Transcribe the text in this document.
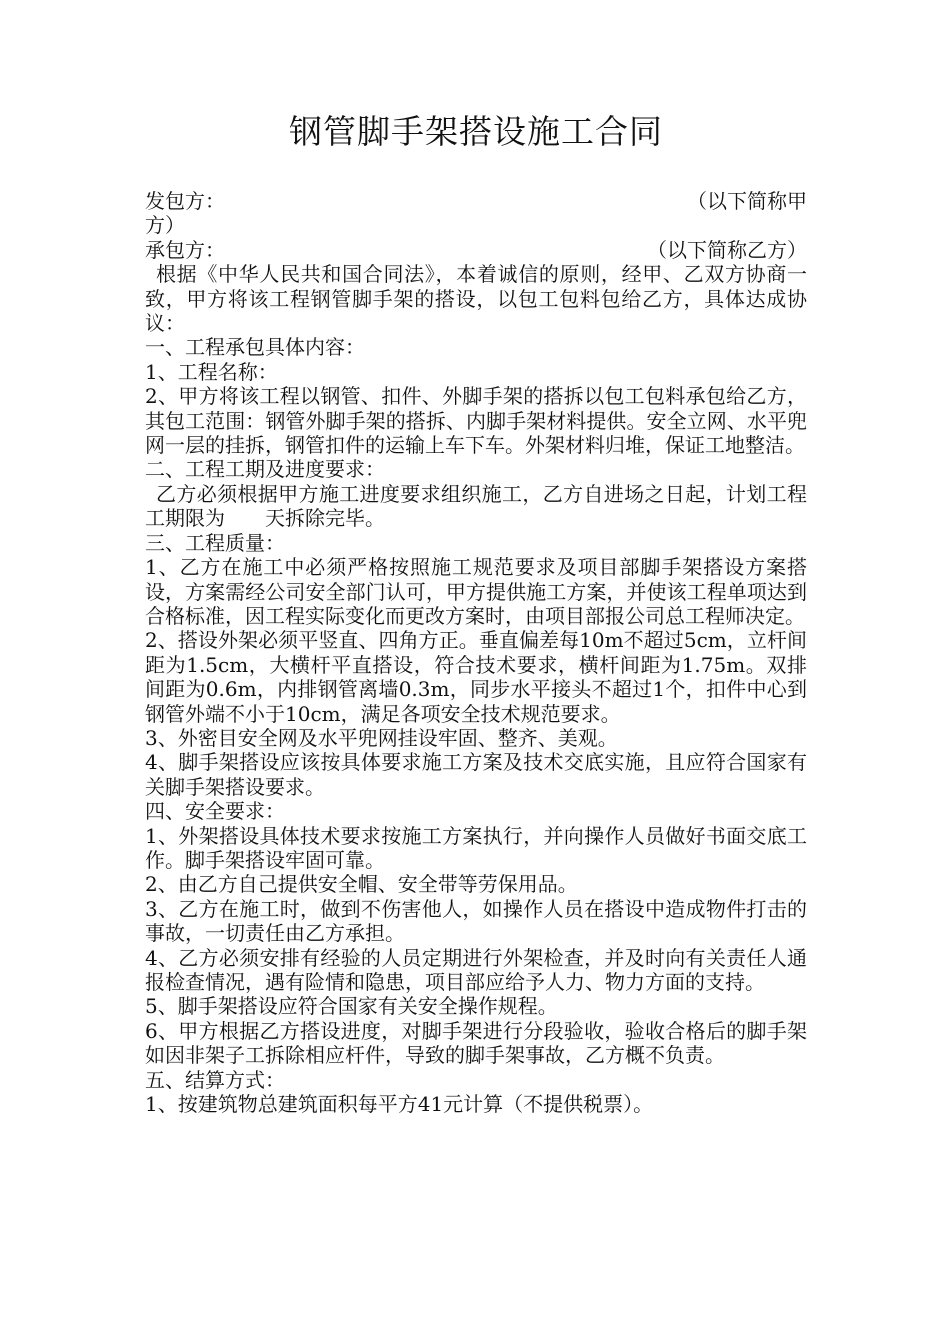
钢管脚手架搭设施工合同
发包方：	（以下简称甲
方）
承包方：	（以下简称乙方）
根据《中华人民共和国合同法》，本着诚信的原则，经甲、乙双方协商一致，甲方将该工程钢管脚手架的搭设，以包工包料包给乙方，具体达成协议：
一、工程承包具体内容：
1、工程名称：
2、甲方将该工程以钢管、扣件、外脚手架的搭拆以包工包料承包给乙方，其包工范围：钢管外脚手架的搭拆、内脚手架材料提供。安全立网、水平兜网一层的挂拆，钢管扣件的运输上车下车。外架材料归堆，保证工地整洁。
二、工程工期及进度要求：
乙方必须根据甲方施工进度要求组织施工，乙方自进场之日起，计划工程工期限为　　天拆除完毕。
三、工程质量：
1、乙方在施工中必须严格按照施工规范要求及项目部脚手架搭设方案搭设，方案需经公司安全部门认可，甲方提供施工方案，并使该工程单项达到合格标准，因工程实际变化而更改方案时，由项目部报公司总工程师决定。
2、搭设外架必须平竖直、四角方正。垂直偏差每10m不超过5cm，立杆间距为1.5cm，大横杆平直搭设，符合技术要求，横杆间距为1.75m。双排间距为0.6m，内排钢管离墙0.3m，同步水平接头不超过1个，扣件中心到钢管外端不小于10cm，满足各项安全技术规范要求。
3、外密目安全网及水平兜网挂设牢固、整齐、美观。
4、脚手架搭设应该按具体要求施工方案及技术交底实施，且应符合国家有关脚手架搭设要求。
四、安全要求：
1、外架搭设具体技术要求按施工方案执行，并向操作人员做好书面交底工作。脚手架搭设牢固可靠。
2、由乙方自己提供安全帽、安全带等劳保用品。
3、乙方在施工时，做到不伤害他人，如操作人员在搭设中造成物件打击的事故，一切责任由乙方承担。
4、乙方必须安排有经验的人员定期进行外架检查，并及时向有关责任人通报检查情况，遇有险情和隐患，项目部应给予人力、物力方面的支持。
5、脚手架搭设应符合国家有关安全操作规程。
6、甲方根据乙方搭设进度，对脚手架进行分段验收，验收合格后的脚手架如因非架子工拆除相应杆件，导致的脚手架事故，乙方概不负责。
五、结算方式：
1、按建筑物总建筑面积每平方41元计算（不提供税票）。
